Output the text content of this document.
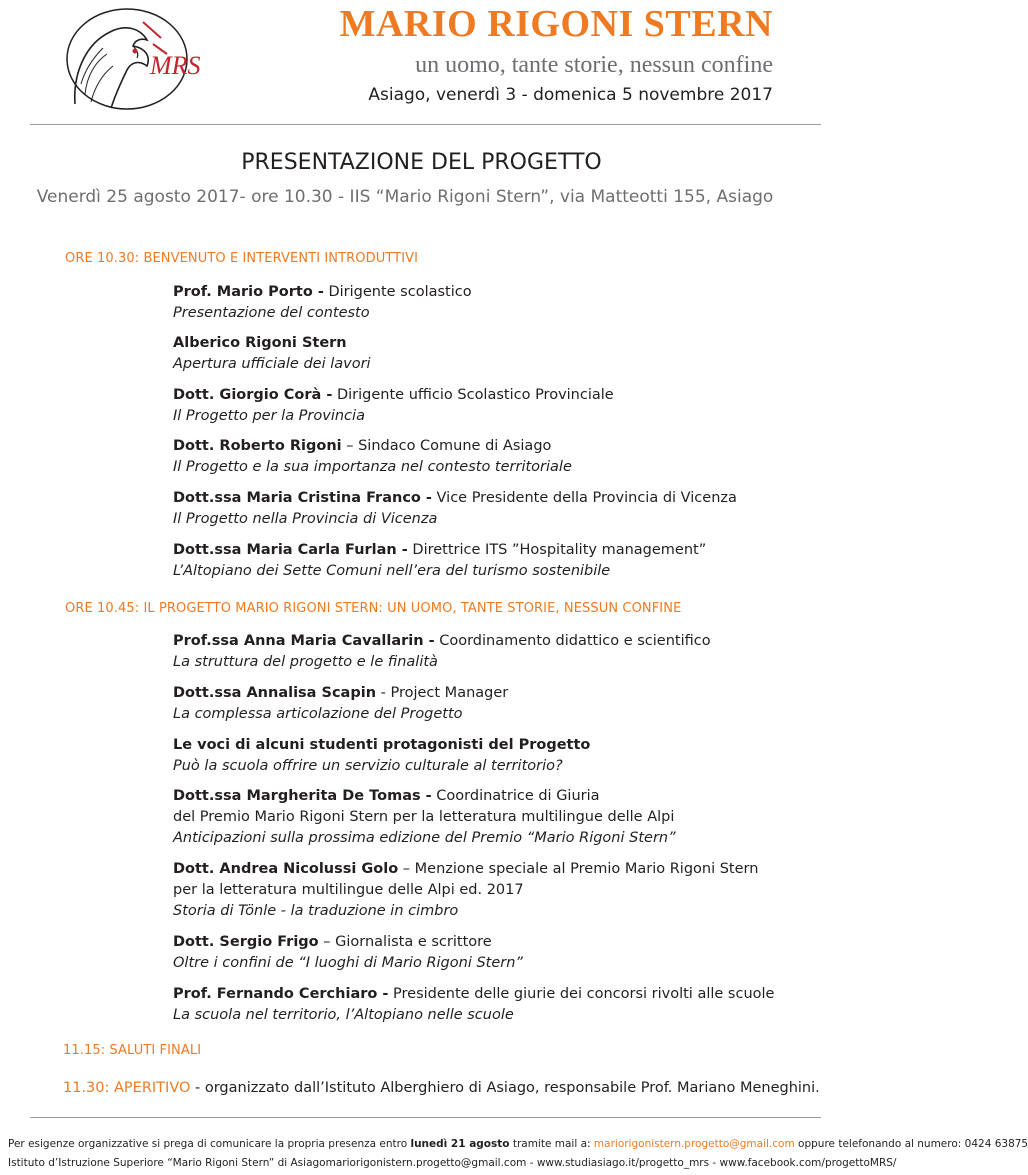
MRS
MARIO RIGONI STERN
un uomo, tante storie, nessun confine
Asiago, venerdì 3 - domenica 5 novembre 2017
PRESENTAZIONE DEL PROGETTO
Venerdì 25 agosto 2017- ore 10.30 - IIS “Mario Rigoni Stern”, via Matteotti 155, Asiago
ORE 10.30: BENVENUTO E INTERVENTI INTRODUTTIVI
Prof. Mario Porto - Dirigente scolastico
Presentazione del contesto
Alberico Rigoni Stern
Apertura ufficiale dei lavori
Dott. Giorgio Corà - Dirigente ufficio Scolastico Provinciale
Il Progetto per la Provincia
Dott. Roberto Rigoni – Sindaco Comune di Asiago
Il Progetto e la sua importanza nel contesto territoriale
Dott.ssa Maria Cristina Franco - Vice Presidente della Provincia di Vicenza
Il Progetto nella Provincia di Vicenza
Dott.ssa Maria Carla Furlan - Direttrice ITS ”Hospitality management”
L’Altopiano dei Sette Comuni nell’era del turismo sostenibile
ORE 10.45: IL PROGETTO MARIO RIGONI STERN: UN UOMO, TANTE STORIE, NESSUN CONFINE
Prof.ssa Anna Maria Cavallarin - Coordinamento didattico e scientifico
La struttura del progetto e le finalità
Dott.ssa Annalisa Scapin - Project Manager
La complessa articolazione del Progetto
Le voci di alcuni studenti protagonisti del Progetto
Può la scuola offrire un servizio culturale al territorio?
Dott.ssa Margherita De Tomas - Coordinatrice di Giuria
del Premio Mario Rigoni Stern per la letteratura multilingue delle Alpi
Anticipazioni sulla prossima edizione del Premio “Mario Rigoni Stern”
Dott. Andrea Nicolussi Golo – Menzione speciale al Premio Mario Rigoni Stern
per la letteratura multilingue delle Alpi ed. 2017
Storia di Tönle - la traduzione in cimbro
Dott. Sergio Frigo – Giornalista e scrittore
Oltre i confini de “I luoghi di Mario Rigoni Stern”
Prof. Fernando Cerchiaro - Presidente delle giurie dei concorsi rivolti alle scuole
La scuola nel territorio, l’Altopiano nelle scuole
11.15: SALUTI FINALI
11.30: APERITIVO - organizzato dall’Istituto Alberghiero di Asiago, responsabile Prof. Mariano Meneghini.
Per esigenze organizzative si prega di comunicare la propria presenza entro lunedì 21 agosto tramite mail a: mariorigonistern.progetto@gmail.com oppure telefonando al numero: 0424 63875
Istituto d’Istruzione Superiore “Mario Rigoni Stern” di Asiagomariorigonistern.progetto@gmail.com - www.studiasiago.it/progetto_mrs - www.facebook.com/progettoMRS/
